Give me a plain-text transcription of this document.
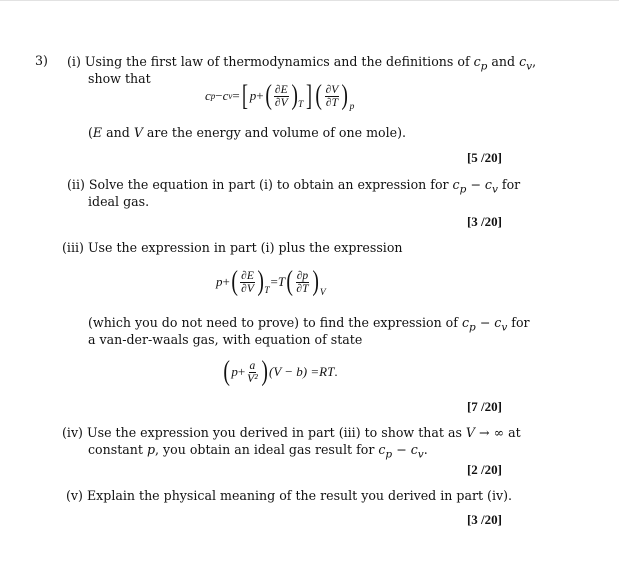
3) (i) Using the first law of thermodynamics and the definitions of $c_p$ and $c_v$,
show that
c p − c v = [ p + ( $\frac{\partial E}{\partial V}$ ) T ] ( $\frac{\partial V}{\partial T}$ ) p
(E and V are the energy and volume of one mole).
[5 /20]
(ii) Solve the equation in part (i) to obtain an expression for $c_p - c_v$ for
ideal gas.
[3 /20]
(iii) Use the expression in part (i) plus the expression
p + ( $\frac{\partial E}{\partial V}$ ) T
= T ( $\frac{\partial p}{\partial T}$ ) V
(which you do not need to prove) to find the expression of $c_p - c_v$ for
a van-der-waals gas, with equation of state
( $p + \frac{a}{\text{V²}}$ ) (V − b) = RT .
[7 /20]
(iv) Use the expression you derived in part (iii) to show that as V → ∞ at
constant p, you obtain an ideal gas result for $c_p - c_v$.
[2 /20]
(v) Explain the physical meaning of the result you derived in part (iv).
[3 /20]
